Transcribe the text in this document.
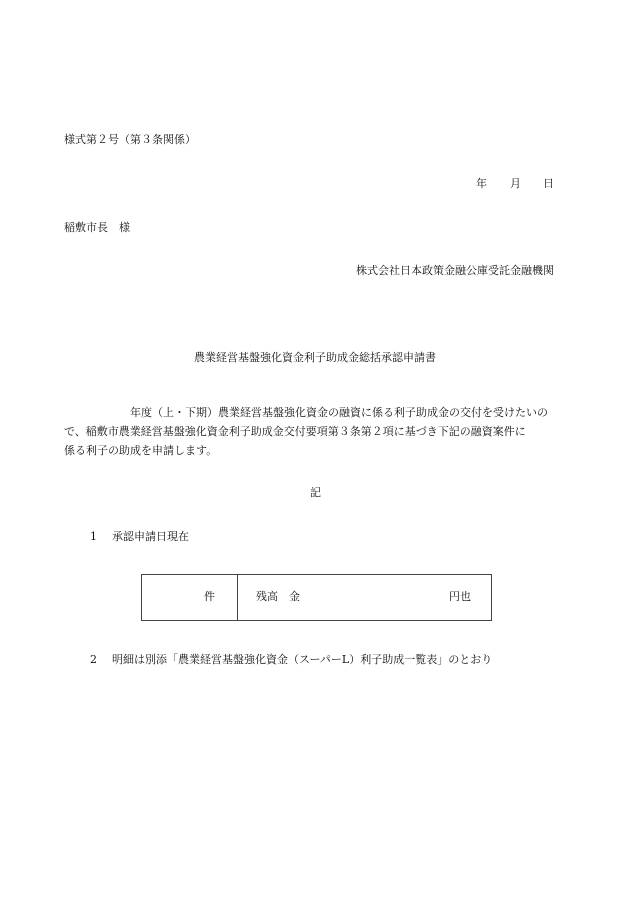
様式第２号（第３条関係）
年 月 日
稲敷市長　様
株式会社日本政策金融公庫受託金融機関
農業経営基盤強化資金利子助成金総括承認申請書
年度（上・下期）農業経営基盤強化資金の融資に係る利子助成金の交付を受けたいの
で、稲敷市農業経営基盤強化資金利子助成金交付要項第３条第２項に基づき下記の融資案件に
係る利子の助成を申請します。
記
1 承認申請日現在
件	残高　金	円也
2 明細は別添「農業経営基盤強化資金（スーパーL）利子助成一覧表」のとおり
